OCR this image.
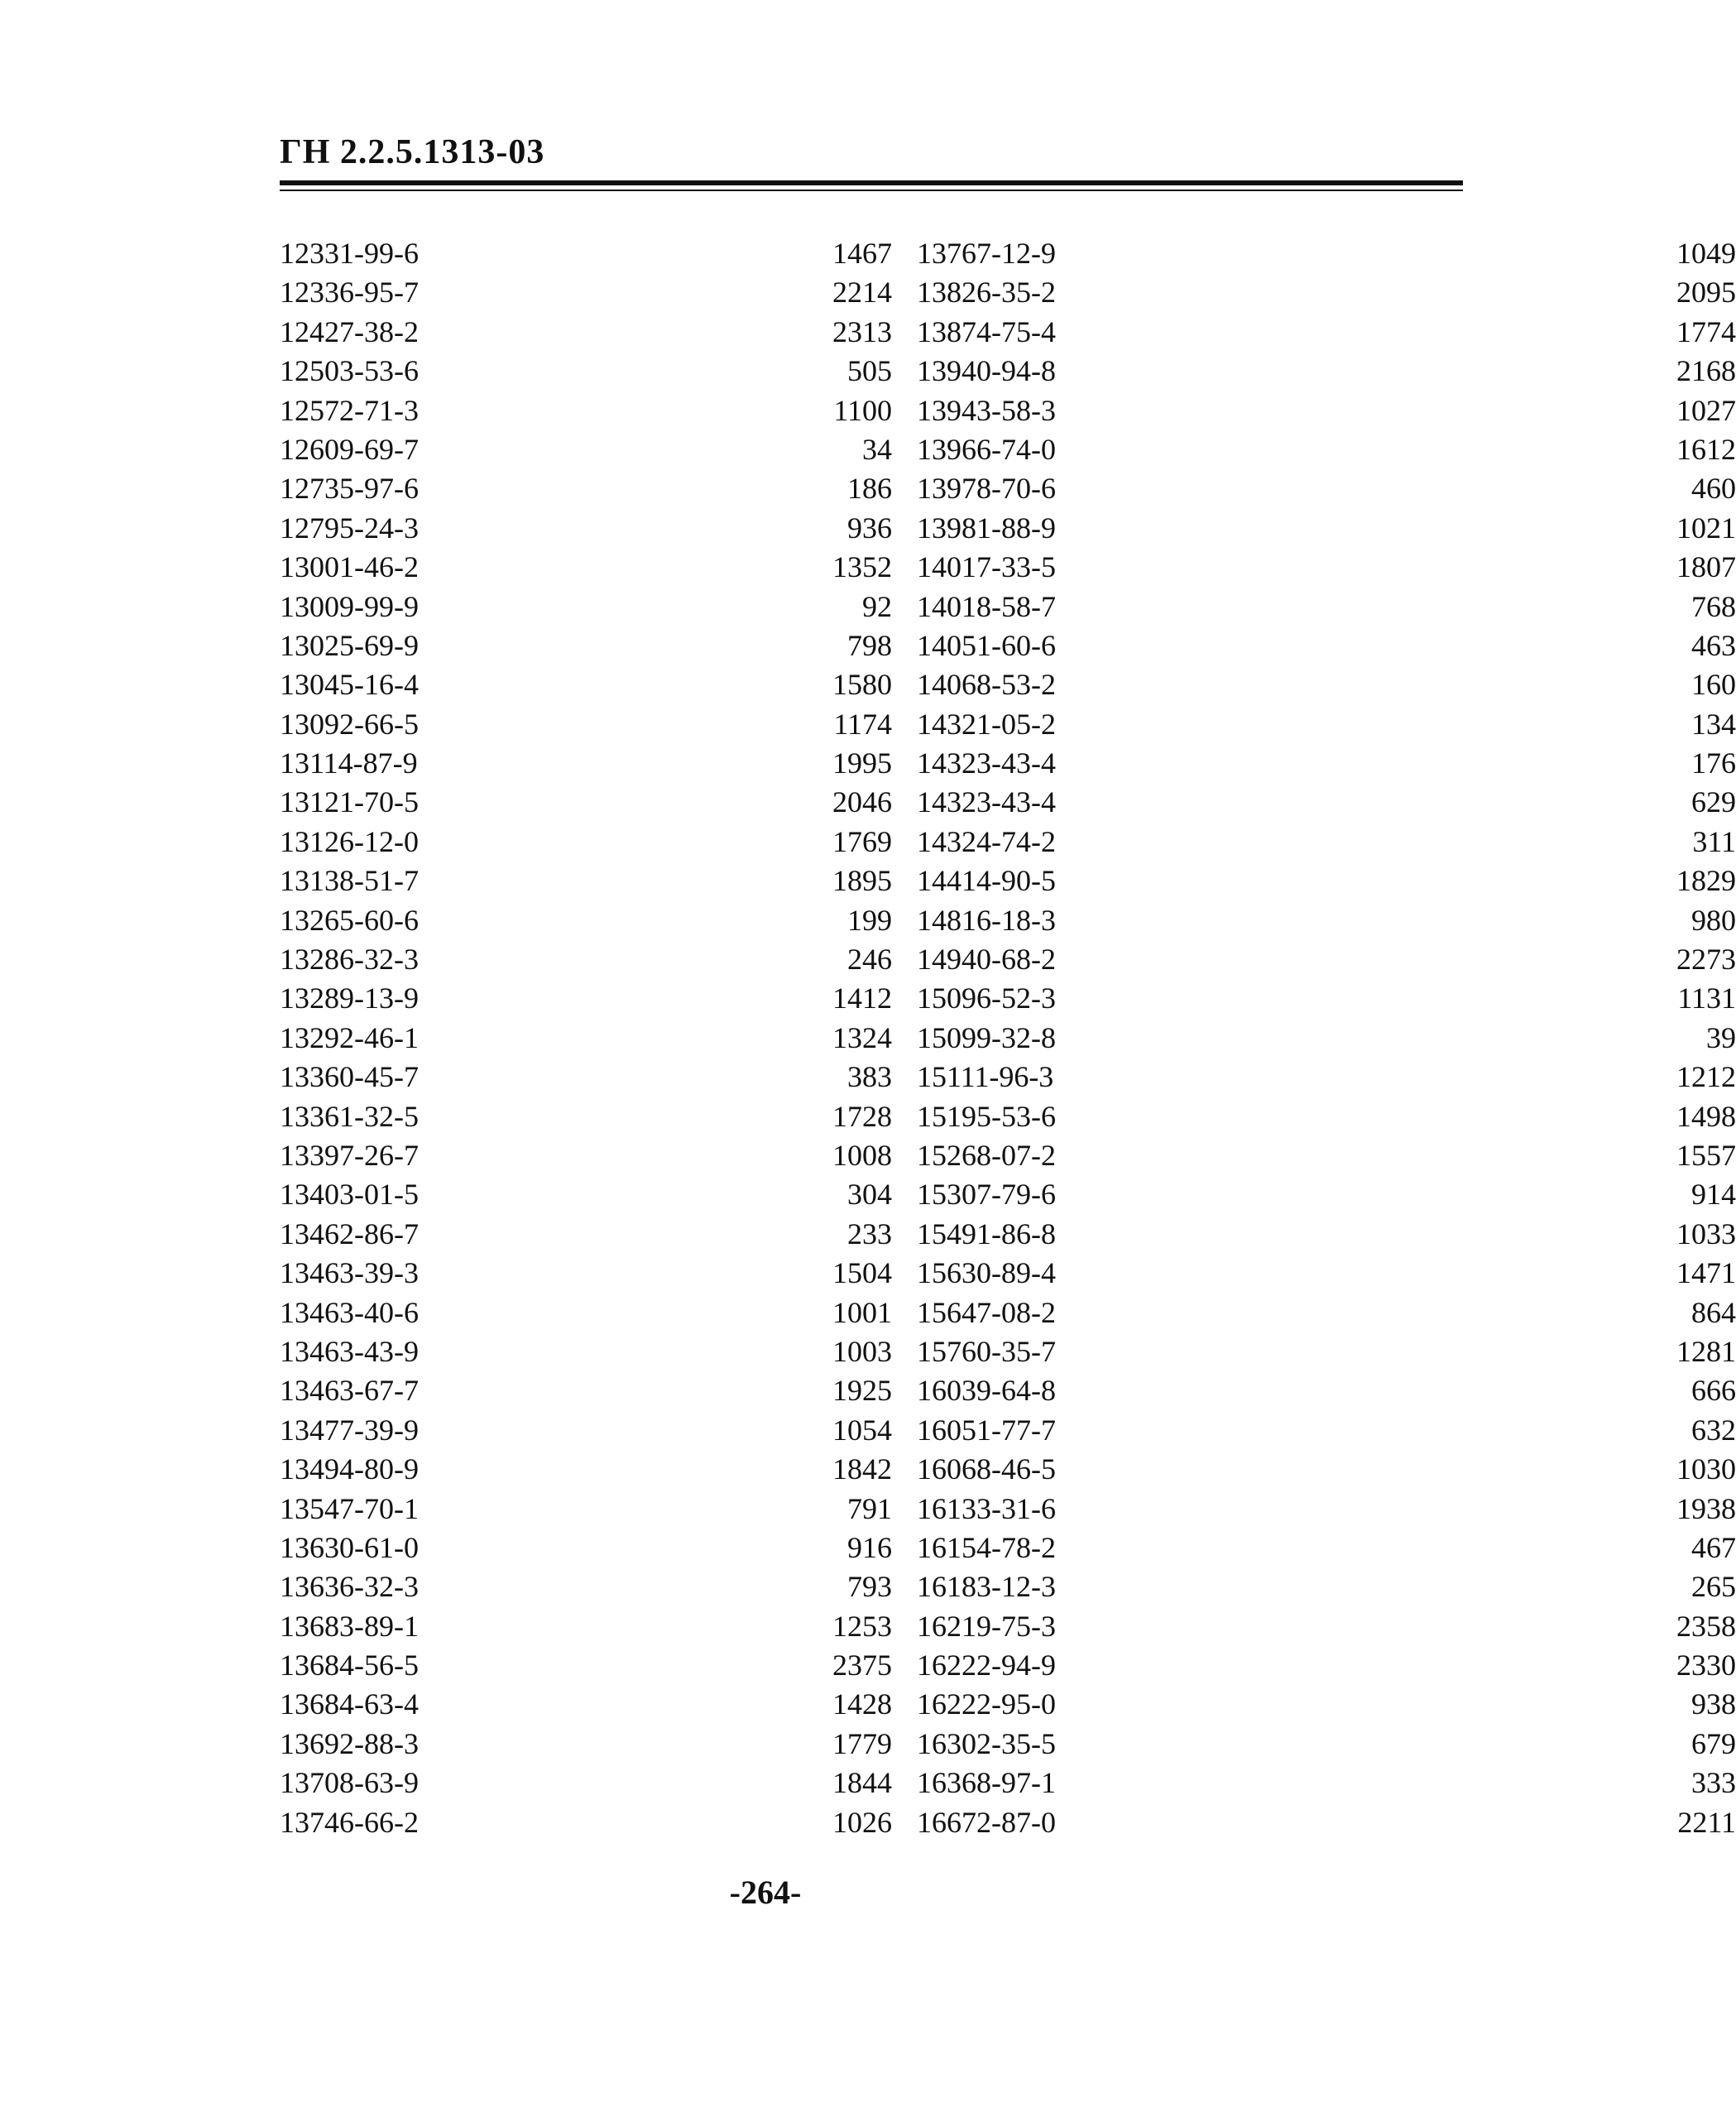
ГН 2.2.5.1313-03
12331-99-6	1467 13767-12-9	1049
12336-95-7	2214 13826-35-2	2095
12427-38-2	2313 13874-75-4	1774
12503-53-6	505 13940-94-8	2168
12572-71-3	1100 13943-58-3	1027
12609-69-7	34 13966-74-0	1612
12735-97-6	186 13978-70-6	460
12795-24-3	936 13981-88-9	1021
13001-46-2	1352 14017-33-5	1807
13009-99-9	92 14018-58-7	768
13025-69-9	798 14051-60-6	463
13045-16-4	1580 14068-53-2	160
13092-66-5	1174 14321-05-2	134
13114-87-9	1995 14323-43-4	176
13121-70-5	2046 14323-43-4	629
13126-12-0	1769 14324-74-2	311
13138-51-7	1895 14414-90-5	1829
13265-60-6	199 14816-18-3	980
13286-32-3	246 14940-68-2	2273
13289-13-9	1412 15096-52-3	1131
13292-46-1	1324 15099-32-8	39
13360-45-7	383 15111-96-3	1212
13361-32-5	1728 15195-53-6	1498
13397-26-7	1008 15268-07-2	1557
13403-01-5	304 15307-79-6	914
13462-86-7	233 15491-86-8	1033
13463-39-3	1504 15630-89-4	1471
13463-40-6	1001 15647-08-2	864
13463-43-9	1003 15760-35-7	1281
13463-67-7	1925 16039-64-8	666
13477-39-9	1054 16051-77-7	632
13494-80-9	1842 16068-46-5	1030
13547-70-1	791 16133-31-6	1938
13630-61-0	916 16154-78-2	467
13636-32-3	793 16183-12-3	265
13683-89-1	1253 16219-75-3	2358
13684-56-5	2375 16222-94-9	2330
13684-63-4	1428 16222-95-0	938
13692-88-3	1779 16302-35-5	679
13708-63-9	1844 16368-97-1	333
13746-66-2	1026 16672-87-0	2211
-264-
